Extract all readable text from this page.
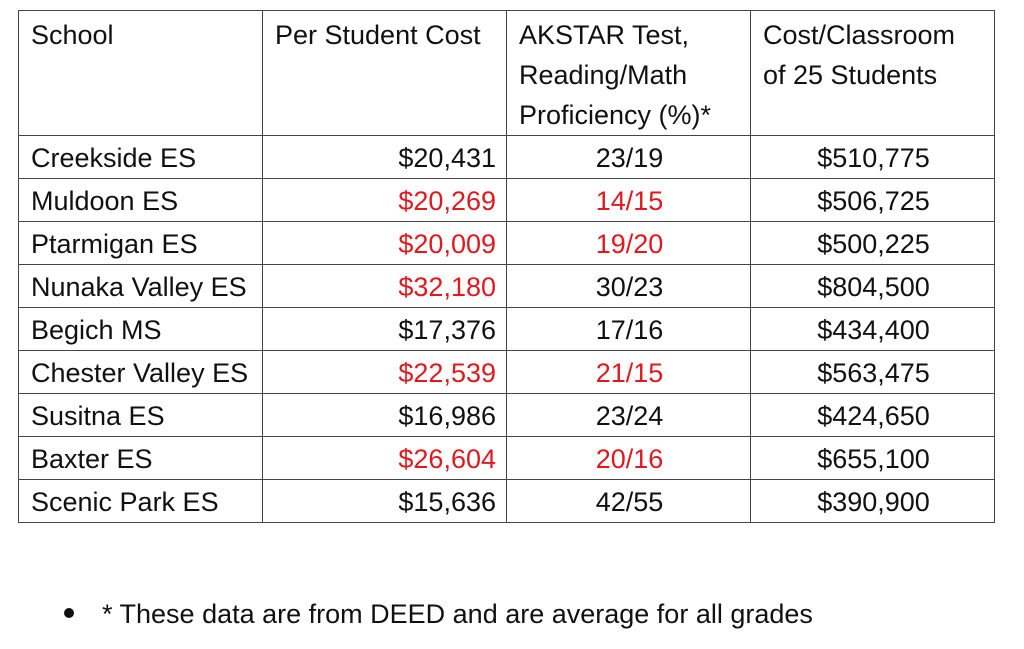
School	Per Student Cost	AKSTAR Test, Reading/Math Proficiency (%)*	Cost/Classroom of 25 Students
Creekside ES	$20,431	23/19	$510,775
Muldoon ES	$20,269	14/15	$506,725
Ptarmigan ES	$20,009	19/20	$500,225
Nunaka Valley ES	$32,180	30/23	$804,500
Begich MS	$17,376	17/16	$434,400
Chester Valley ES	$22,539	21/15	$563,475
Susitna ES	$16,986	23/24	$424,650
Baxter ES	$26,604	20/16	$655,100
Scenic Park ES	$15,636	42/55	$390,900
* These data are from DEED and are average for all grades
